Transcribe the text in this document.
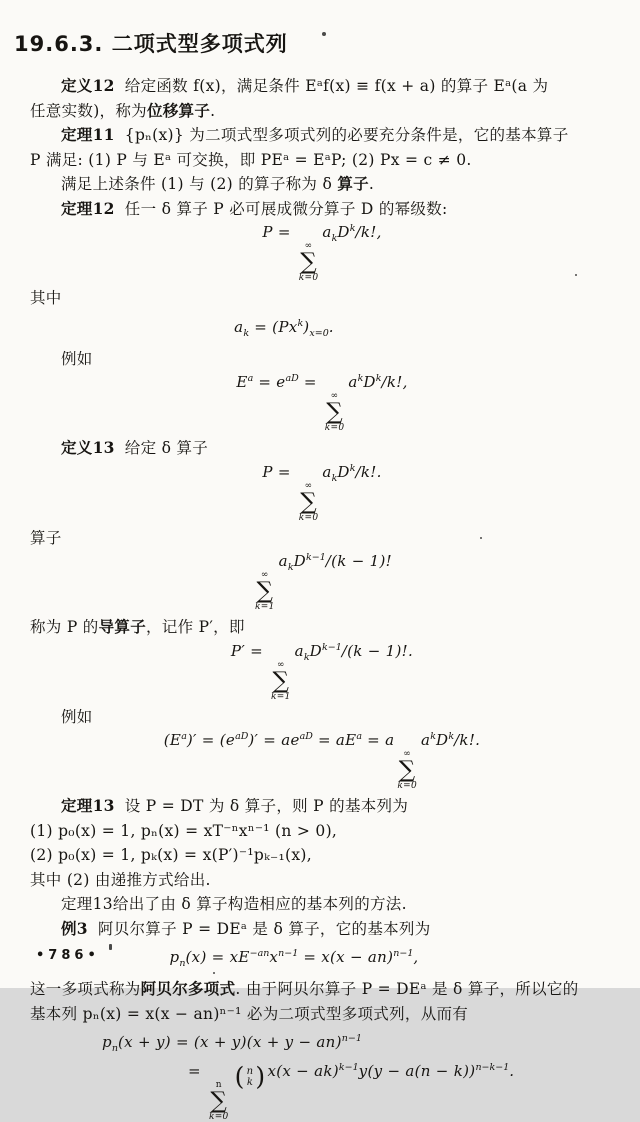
19.6.3. 二项式型多项式列
定义12 给定函数 f(x)，满足条件 Eᵃf(x) ≡ f(x + a) 的算子 Eᵃ(a 为
任意实数)，称为位移算子.
定理11 {pₙ(x)} 为二项式型多项式列的必要充分条件是，它的基本算子
P 满足: (1) P 与 Eᵃ 可交换，即 PEᵃ = EᵃP; (2) Px = c ≠ 0.
满足上述条件 (1) 与 (2) 的算子称为 δ 算子.
定理12 任一 δ 算子 P 必可展成微分算子 D 的幂级数:
P =
∞
∑
k=0
$a_kD^k/k$!,
其中
$a_k = (Px^k)_{x=0}$.
例如
$E^a = e^{aD}$ =
∞
∑
k=0
$a^kD^k/k$!,
定义13 给定 δ 算子
P =
∞
∑
k=0
$a_kD^k/k$!.
算子
∞
∑
k=1
$a_kD^{k-1}/(k - 1)$!
称为 P 的导算子，记作 P′，即
P′ =
∞
∑
k=1
$a_kD^{k-1}/(k - 1)$!.
例如
$(E^a)' = (e^{aD})' = ae^{aD} = aE^a = a$
∞
∑
k=0
$a^kD^k/k$!.
定理13 设 P = DT 为 δ 算子，则 P 的基本列为
(1) p₀(x) = 1, pₙ(x) = xT⁻ⁿxⁿ⁻¹ (n > 0),
(2) p₀(x) = 1, pₖ(x) = x(P′)⁻¹pₖ₋₁(x),
其中 (2) 由递推方式给出.
定理13给出了由 δ 算子构造相应的基本列的方法.
例3 阿贝尔算子 P = DEᵃ 是 δ 算子，它的基本列为
$p_n(x) = xE^{-an}x^{n-1} = x(x - an)^{n-1}$,
这一多项式称为阿贝尔多项式. 由于阿贝尔算子 P = DEᵃ 是 δ 算子，所以它的
基本列 pₙ(x) = x(x − an)ⁿ⁻¹ 必为二项式型多项式列，从而有
$p_n(x + y) = (x + y)(x + y - an)^{n-1}$
=
n
∑
k=0
( n
k ) $x(x - ak)^{k-1}y(y - a(n - k))^{n-k-1}$.
•786•
